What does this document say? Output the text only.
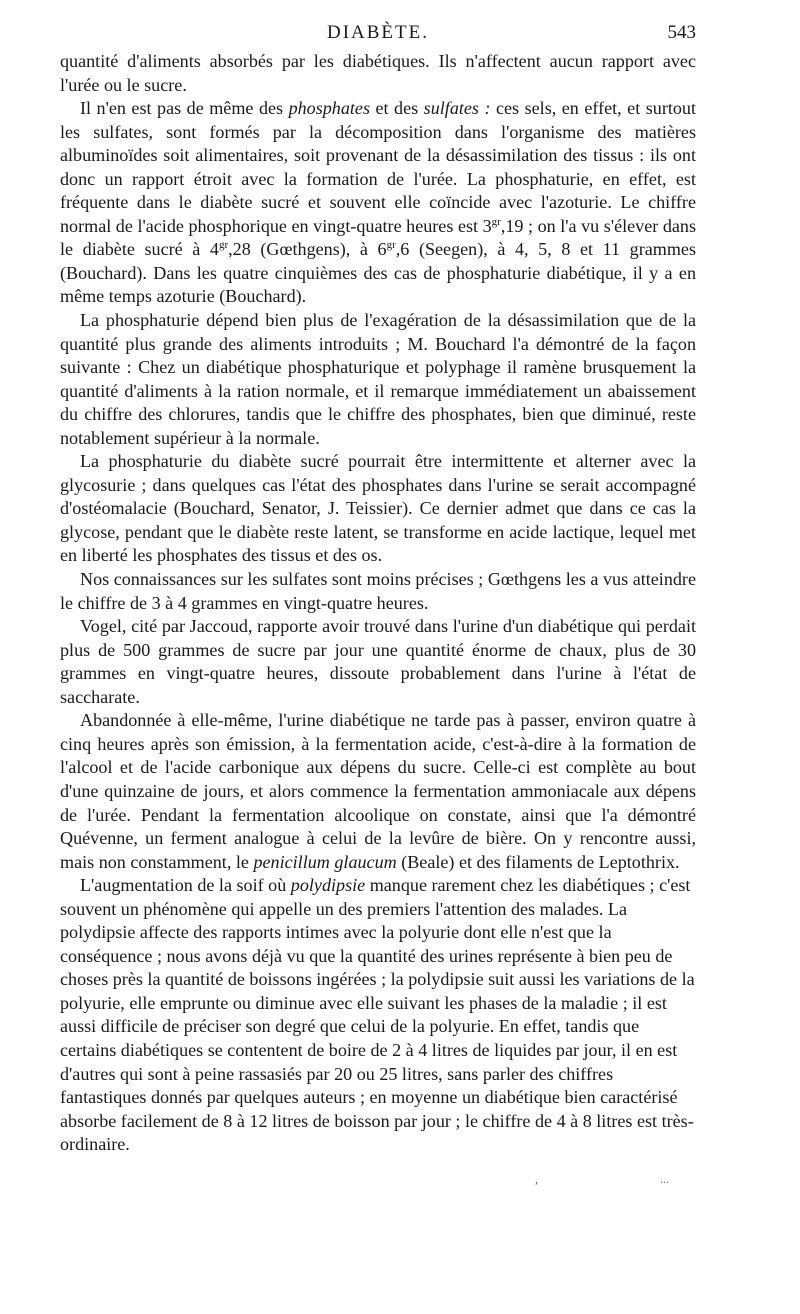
DIABÈTE.	543

quantité d'aliments absorbés par les diabétiques. Ils n'affectent aucun rapport avec l'urée ou le sucre.

Il n'en est pas de même des phosphates et des sulfates : ces sels, en effet, et surtout les sulfates, sont formés par la décomposition dans l'organisme des matières albuminoïdes soit alimentaires, soit provenant de la désassimilation des tissus : ils ont donc un rapport étroit avec la formation de l'urée. La phosphaturie, en effet, est fréquente dans le diabète sucré et souvent elle coïncide avec l'azoturie. Le chiffre normal de l'acide phosphorique en vingt-quatre heures est $3^{gr},19$ ; on l'a vu s'élever dans le diabète sucré à $4^{gr},28$ (Gœthgens), à $6^{gr},6$ (Seegen), à 4, 5, 8 et 11 grammes (Bouchard). Dans les quatre cinquièmes des cas de phosphaturie diabétique, il y a en même temps azoturie (Bouchard).

La phosphaturie dépend bien plus de l'exagération de la désassimilation que de la quantité plus grande des aliments introduits ; M. Bouchard l'a démontré de la façon suivante : Chez un diabétique phosphaturique et polyphage il ramène brusquement la quantité d'aliments à la ration normale, et il remarque immédiatement un abaissement du chiffre des chlorures, tandis que le chiffre des phosphates, bien que diminué, reste notablement supérieur à la normale.

La phosphaturie du diabète sucré pourrait être intermittente et alterner avec la glycosurie ; dans quelques cas l'état des phosphates dans l'urine se serait accompagné d'ostéomalacie (Bouchard, Senator, J. Teissier). Ce dernier admet que dans ce cas la glycose, pendant que le diabète reste latent, se transforme en acide lactique, lequel met en liberté les phosphates des tissus et des os.

Nos connaissances sur les sulfates sont moins précises ; Gœthgens les a vus atteindre le chiffre de 3 à 4 grammes en vingt-quatre heures.

Vogel, cité par Jaccoud, rapporte avoir trouvé dans l'urine d'un diabétique qui perdait plus de 500 grammes de sucre par jour une quantité énorme de chaux, plus de 30 grammes en vingt-quatre heures, dissoute probablement dans l'urine à l'état de saccharate.

Abandonnée à elle-même, l'urine diabétique ne tarde pas à passer, environ quatre à cinq heures après son émission, à la fermentation acide, c'est-à-dire à la formation de l'alcool et de l'acide carbonique aux dépens du sucre. Celle-ci est complète au bout d'une quinzaine de jours, et alors commence la fermentation ammoniacale aux dépens de l'urée. Pendant la fermentation alcoolique on constate, ainsi que l'a démontré Quévenne, un ferment analogue à celui de la levûre de bière. On y rencontre aussi, mais non constamment, le penicillum glaucum (Beale) et des filaments de Leptothrix.

L'augmentation de la soif où polydipsie manque rarement chez les diabétiques ; c'est souvent un phénomène qui appelle un des premiers l'attention des malades. La polydipsie affecte des rapports intimes avec la polyurie dont elle n'est que la conséquence ; nous avons déjà vu que la quantité des urines représente à bien peu de choses près la quantité de boissons ingérées ; la polydipsie suit aussi les variations de la polyurie, elle emprunte ou diminue avec elle suivant les phases de la maladie ; il est aussi difficile de préciser son degré que celui de la polyurie. En effet, tandis que certains diabétiques se contentent de boire de 2 à 4 litres de liquides par jour, il en est d'autres qui sont à peine rassasiés par 20 ou 25 litres, sans parler des chiffres fantastiques donnés par quelques auteurs ; en moyenne un diabétique bien caractérisé absorbe facilement de 8 à 12 litres de boisson par jour ; le chiffre de 4 à 8 litres est très-ordinaire.

,	...
